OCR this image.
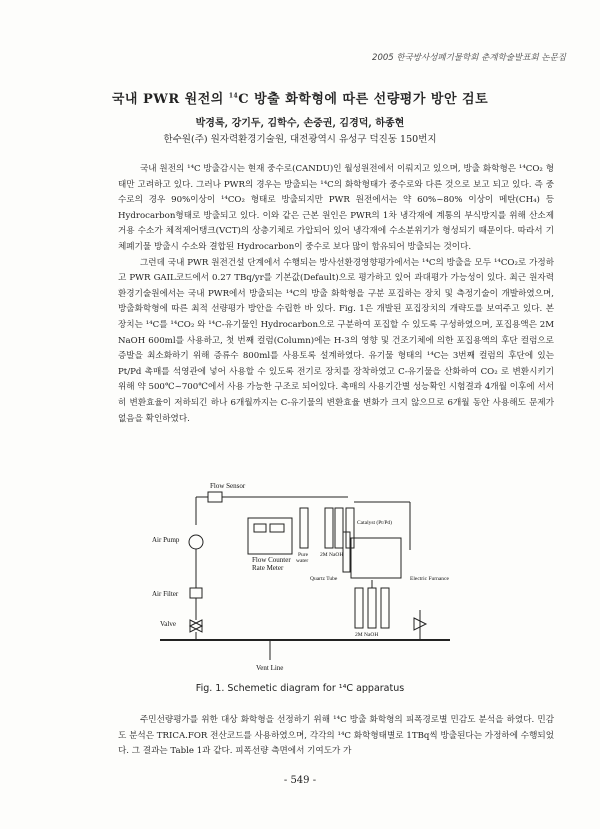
2005 한국방사성폐기물학회 춘계학술발표회 논문집
국내 PWR 원전의 $^{14}$C 방출 화학형에 따른 선량평가 방안 검토
박경록, 강기두, 김학수, 손중권, 김경덕, 하종현
한수원(주) 원자력환경기술원, 대전광역시 유성구 덕진동 150번지

국내 원전의 ¹⁴C 방출감시는 현재 중수로(CANDU)인 월성원전에서 이뤄지고 있으며, 방출 화학형은 ¹⁴CO₂ 형태만 고려하고 있다. 그러나 PWR의 경우는 방출되는 ¹⁴C의 화학형태가 중수로와 다른 것으로 보고 되고 있다. 즉 중수로의 경우 90%이상이 ¹⁴CO₂ 형태로 방출되지만 PWR 원전에서는 약 60%~80% 이상이 메탄(CH₄) 등 Hydrocarbon형태로 방출되고 있다. 이와 같은 근본 원인은 PWR의 1차 냉각재에 계통의 부식방지를 위해 산소제거용 수소가 체적제어탱크(VCT)의 상층기체로 가압되어 있어 냉각재에 수소분위기가 형성되기 때문이다. 따라서 기체폐기물 방출시 수소와 결합된 Hydrocarbon이 중수로 보다 많이 함유되어 방출되는 것이다.

그런데 국내 PWR 원전건설 단계에서 수행되는 방사선환경영향평가에서는 ¹⁴C의 방출을 모두 ¹⁴CO₂로 가정하고 PWR GAIL코드에서 0.27 TBq/yr를 기본값(Default)으로 평가하고 있어 과대평가 가능성이 있다. 최근 원자력환경기술원에서는 국내 PWR에서 방출되는 ¹⁴C의 방출 화학형을 구분 포집하는 장치 및 측정기술이 개발하였으며, 방출화학형에 따른 최적 선량평가 방안을 수립한 바 있다. Fig. 1은 개발된 포집장치의 개략도를 보여주고 있다. 본 장치는 ¹⁴C를 ¹⁴CO₂ 와 ¹⁴C-유기물인 Hydrocarbon으로 구분하여 포집할 수 있도록 구성하였으며, 포집용액은 2M NaOH 600ml를 사용하고, 첫 번째 컬럼(Column)에는 H-3의 영향 및 건조기체에 의한 포집용액의 후단 컬럼으로 증발을 최소화하기 위해 증류수 800ml를 사용토록 설계하였다. 유기물 형태의 ¹⁴C는 3번째 컬럼의 후단에 있는 Pt/Pd 촉매를 석영관에 넣어 사용할 수 있도록 전기로 장치를 장착하였고 C-유기물을 산화하여 CO₂ 로 변환시키기 위해 약 500℃~700℃에서 사용 가능한 구조로 되어있다. 촉매의 사용기간별 성능확인 시험결과 4개월 이후에 서서히 변환효율이 저하되긴 하나 6개월까지는 C-유기물의 변환효율 변화가 크지 않으므로 6개월 동안 사용해도 문제가 없음을 확인하였다.

Flow Sensor
Air Pump
Flow Counter
Rate Meter
Pure
water
2M NaOH
Catalyst (Pt/Pd)
Quartz Tube	Electric Furnance
Air Filter
Valve
2M NaOH
Vent Line
Fig. 1. Schemetic diagram for ¹⁴C apparatus

주민선량평가를 위한 대상 화학형을 선정하기 위해 ¹⁴C 방출 화학형의 피폭경로별 민감도 분석을 하였다. 민감도 분석은 TRICA.FOR 전산코드를 사용하였으며, 각각의 ¹⁴C 화학형태별로 1TBq씩 방출된다는 가정하에 수행되었다. 그 결과는 Table 1과 같다. 피폭선량 측면에서 기여도가 가

- 549 -
